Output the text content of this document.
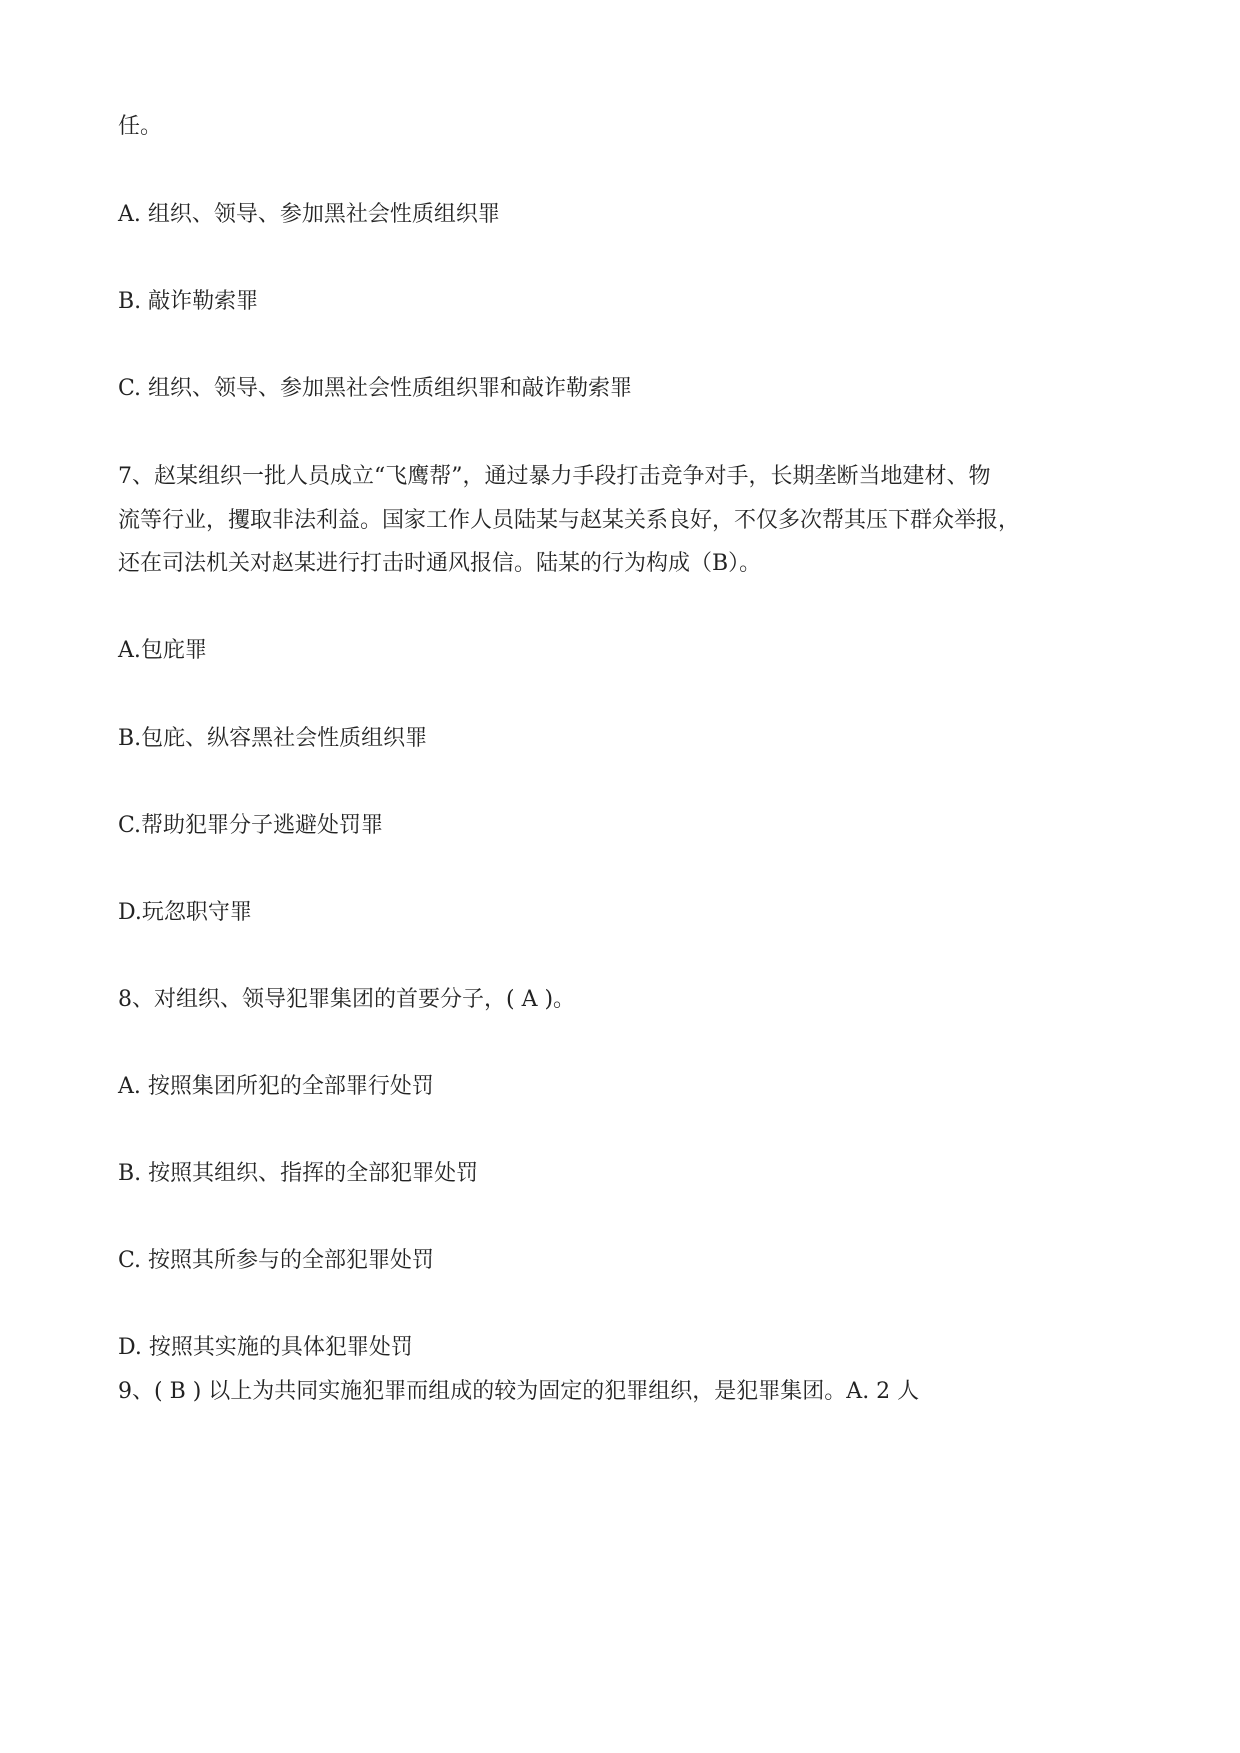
任。
A. 组织、领导、参加黑社会性质组织罪
B. 敲诈勒索罪
C. 组织、领导、参加黑社会性质组织罪和敲诈勒索罪
7、赵某组织一批人员成立“飞鹰帮”，通过暴力手段打击竞争对手，长期垄断当地建材、物
流等行业，攫取非法利益。国家工作人员陆某与赵某关系良好，不仅多次帮其压下群众举报，
还在司法机关对赵某进行打击时通风报信。陆某的行为构成（B）。
A.包庇罪
B.包庇、纵容黑社会性质组织罪
C.帮助犯罪分子逃避处罚罪
D.玩忽职守罪
8、对组织、领导犯罪集团的首要分子，( A )。
A. 按照集团所犯的全部罪行处罚
B. 按照其组织、指挥的全部犯罪处罚
C. 按照其所参与的全部犯罪处罚
D. 按照其实施的具体犯罪处罚
9、( B ) 以上为共同实施犯罪而组成的较为固定的犯罪组织，是犯罪集团。A. 2 人
